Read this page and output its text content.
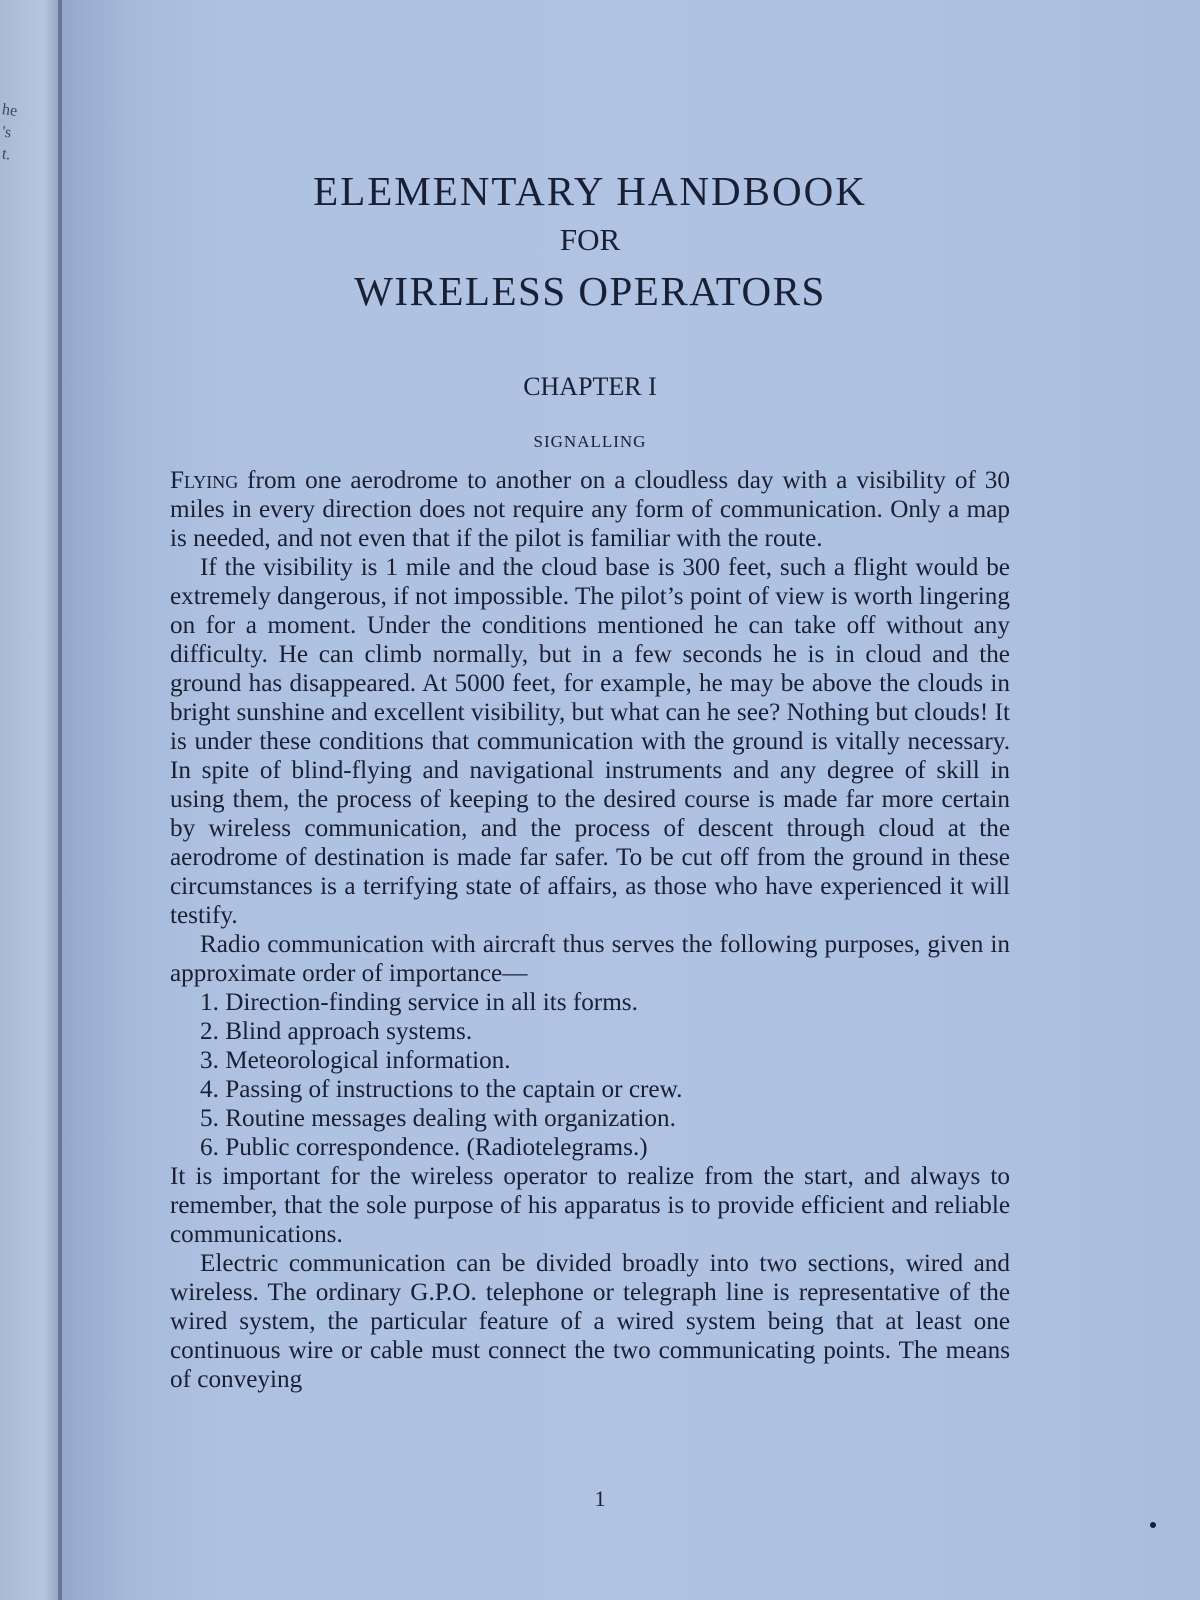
he
's
t.
ELEMENTARY HANDBOOK
FOR
WIRELESS OPERATORS
CHAPTER I
SIGNALLING

Flying from one aerodrome to another on a cloudless day with a visibility of 30 miles in every direction does not require any form of communication. Only a map is needed, and not even that if the pilot is familiar with the route.

If the visibility is 1 mile and the cloud base is 300 feet, such a flight would be extremely dangerous, if not impossible. The pilot’s point of view is worth lingering on for a moment. Under the conditions mentioned he can take off without any difficulty. He can climb normally, but in a few seconds he is in cloud and the ground has disappeared. At 5000 feet, for example, he may be above the clouds in bright sunshine and excellent visibility, but what can he see? Nothing but clouds! It is under these conditions that communication with the ground is vitally necessary. In spite of blind-flying and navigational instruments and any degree of skill in using them, the process of keeping to the desired course is made far more certain by wireless communication, and the process of descent through cloud at the aerodrome of destination is made far safer. To be cut off from the ground in these circumstances is a terrifying state of affairs, as those who have experienced it will testify.

Radio communication with aircraft thus serves the following purposes, given in approximate order of importance—

1. Direction-finding service in all its forms.
2. Blind approach systems.
3. Meteorological information.
4. Passing of instructions to the captain or crew.
5. Routine messages dealing with organization.
6. Public correspondence. (Radiotelegrams.)

It is important for the wireless operator to realize from the start, and always to remember, that the sole purpose of his apparatus is to provide efficient and reliable communications.

Electric communication can be divided broadly into two sections, wired and wireless. The ordinary G.P.O. telephone or telegraph line is representative of the wired system, the particular feature of a wired system being that at least one continuous wire or cable must connect the two communicating points. The means of conveying

1
